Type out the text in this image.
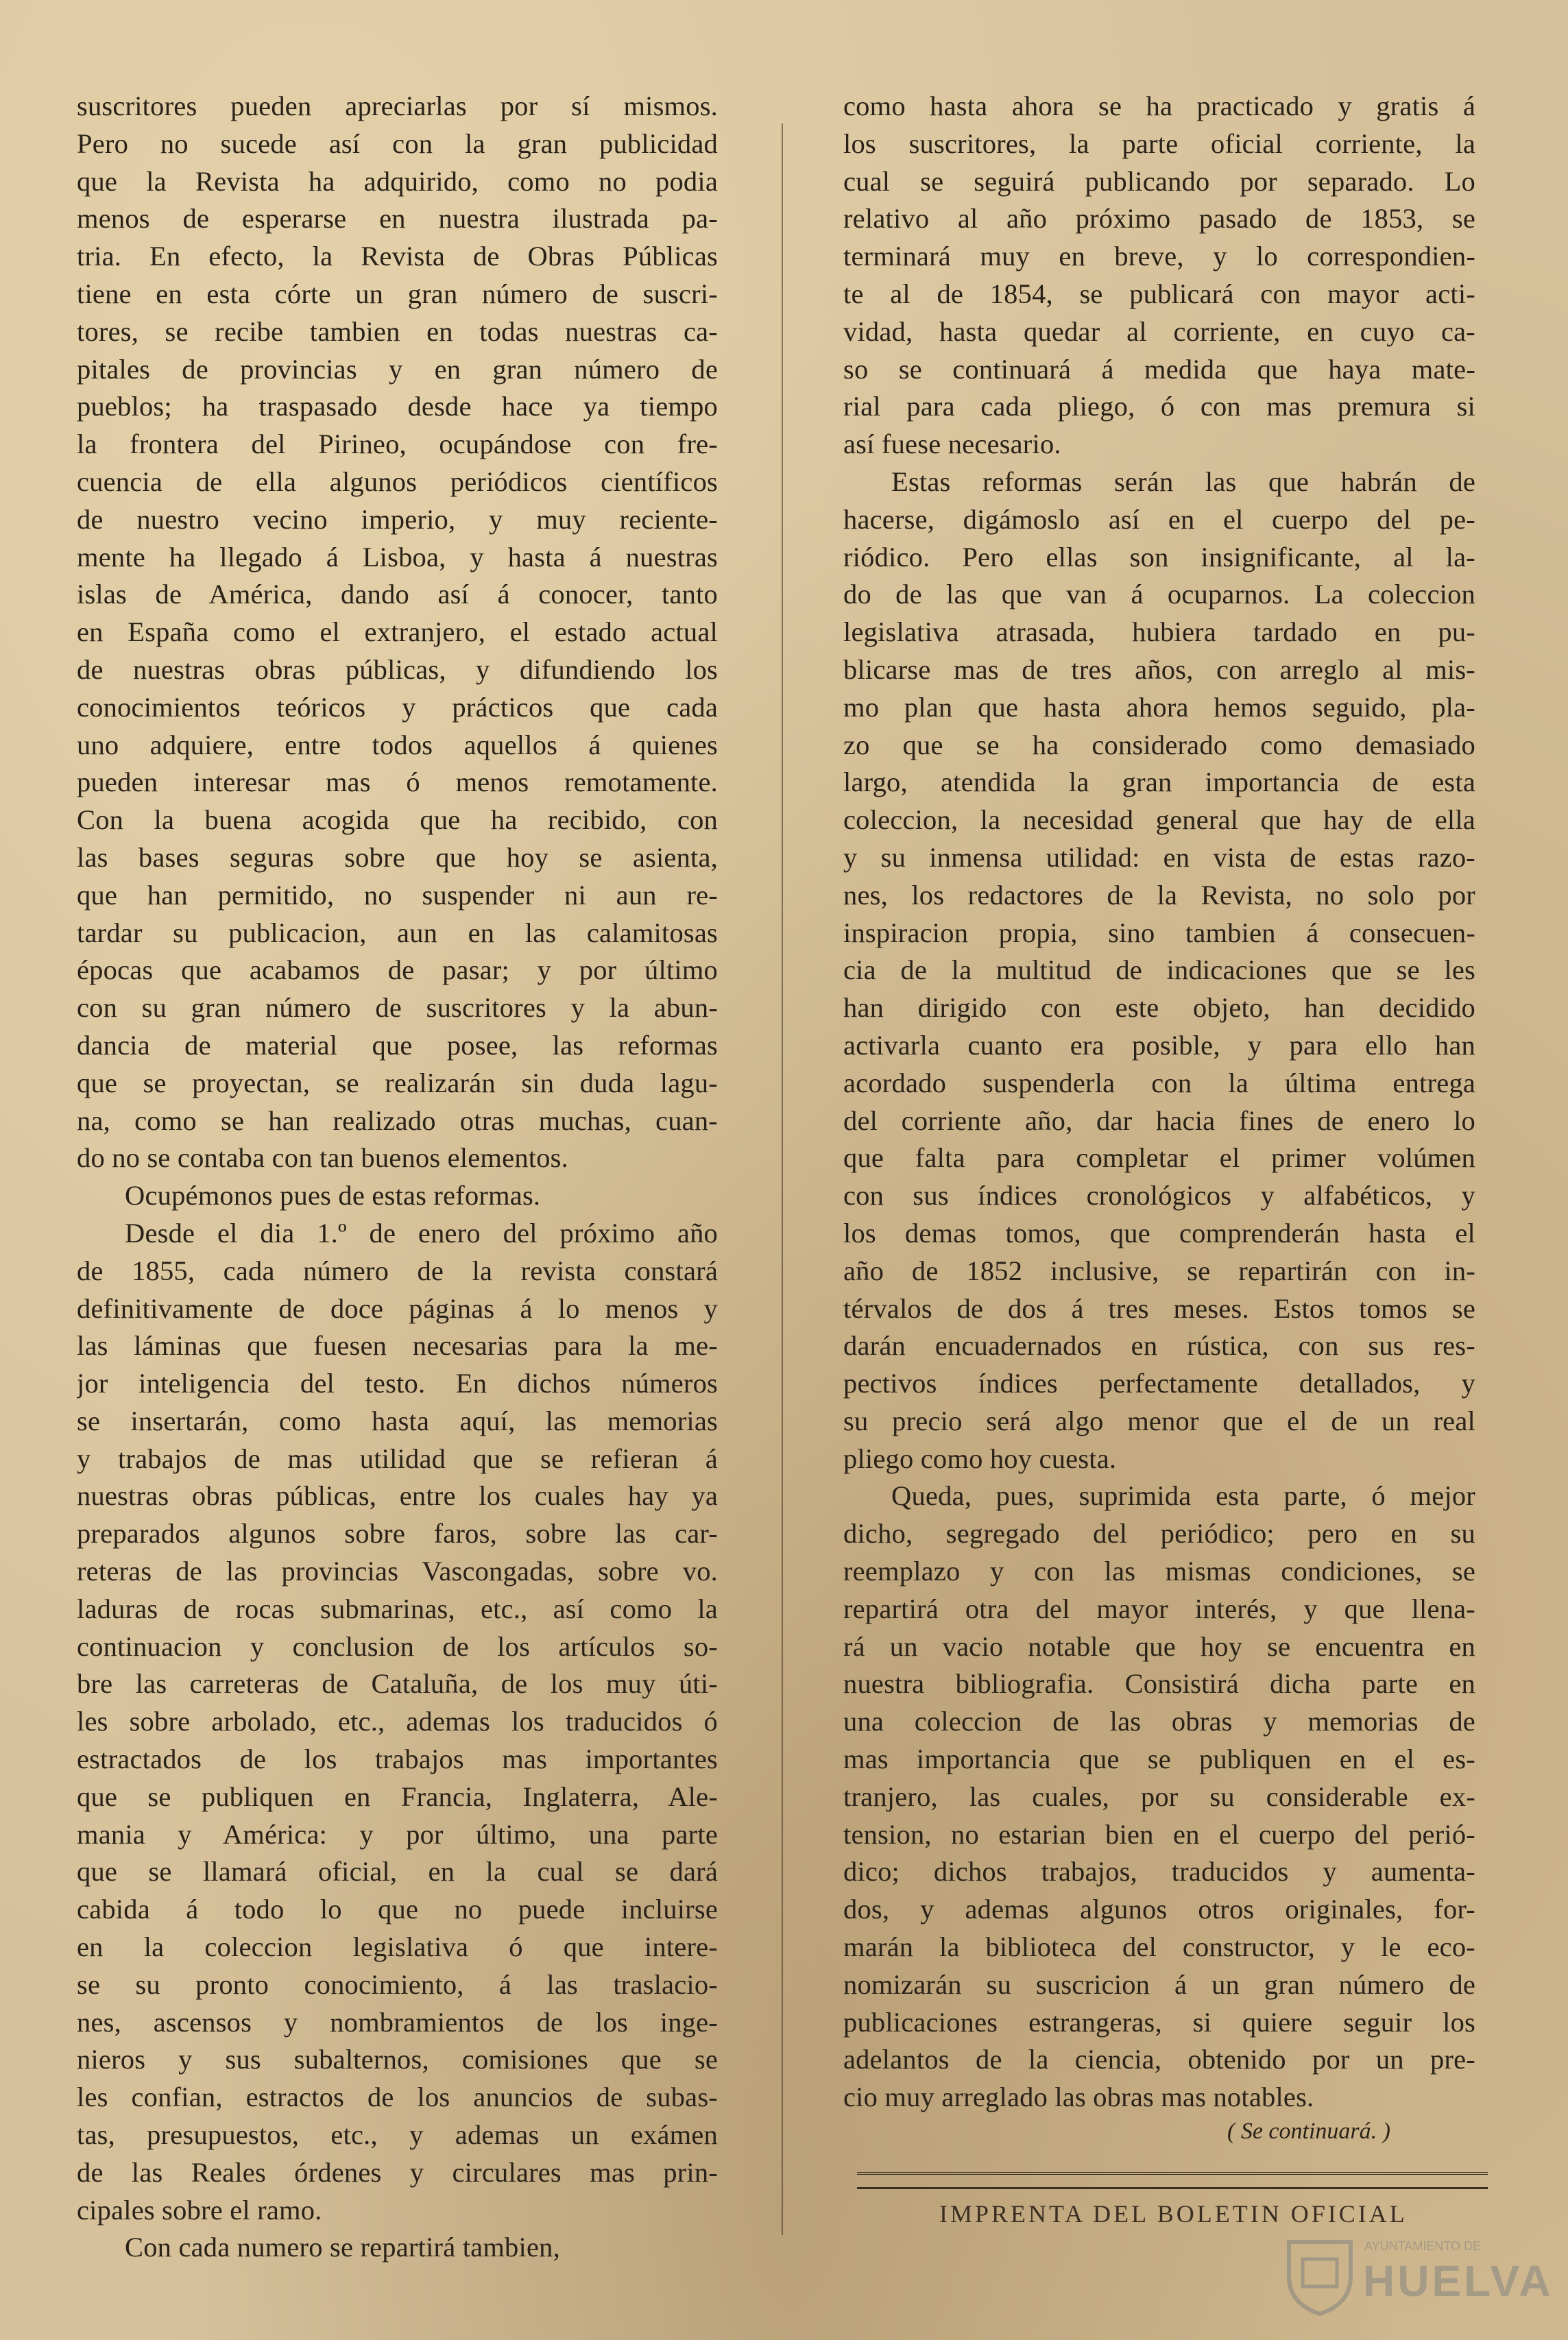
suscritores pueden apreciarlas por sí mismos.

Pero no sucede así con la gran publicidad

que la Revista ha adquirido, como no podia

menos de esperarse en nuestra ilustrada pa-

tria. En efecto, la Revista de Obras Públicas

tiene en esta córte un gran número de suscri-

tores, se recibe tambien en todas nuestras ca-

pitales de provincias y en gran número de

pueblos; ha traspasado desde hace ya tiempo

la frontera del Pirineo, ocupándose con fre-

cuencia de ella algunos periódicos científicos

de nuestro vecino imperio, y muy reciente-

mente ha llegado á Lisboa, y hasta á nuestras

islas de América, dando así á conocer, tanto

en España como el extranjero, el estado actual

de nuestras obras públicas, y difundiendo los

conocimientos teóricos y prácticos que cada

uno adquiere, entre todos aquellos á quienes

pueden interesar mas ó menos remotamente.

Con la buena acogida que ha recibido, con

las bases seguras sobre que hoy se asienta,

que han permitido, no suspender ni aun re-

tardar su publicacion, aun en las calamitosas

épocas que acabamos de pasar; y por último

con su gran número de suscritores y la abun-

dancia de material que posee, las reformas

que se proyectan, se realizarán sin duda lagu-

na, como se han realizado otras muchas, cuan-

do no se contaba con tan buenos elementos.

Ocupémonos pues de estas reformas.

Desde el dia 1.º de enero del próximo año

de 1855, cada número de la revista constará

definitivamente de doce páginas á lo menos y

las láminas que fuesen necesarias para la me-

jor inteligencia del testo. En dichos números

se insertarán, como hasta aquí, las memorias

y trabajos de mas utilidad que se refieran á

nuestras obras públicas, entre los cuales hay ya

preparados algunos sobre faros, sobre las car-

reteras de las provincias Vascongadas, sobre vo.

laduras de rocas submarinas, etc., así como la

continuacion y conclusion de los artículos so-

bre las carreteras de Cataluña, de los muy úti-

les sobre arbolado, etc., ademas los traducidos ó

estractados de los trabajos mas importantes

que se publiquen en Francia, Inglaterra, Ale-

mania y América: y por último, una parte

que se llamará oficial, en la cual se dará

cabida á todo lo que no puede incluirse

en la coleccion legislativa ó que intere-

se su pronto conocimiento, á las traslacio-

nes, ascensos y nombramientos de los inge-

nieros y sus subalternos, comisiones que se

les confian, estractos de los anuncios de subas-

tas, presupuestos, etc., y ademas un exámen

de las Reales órdenes y circulares mas prin-

cipales sobre el ramo.

Con cada numero se repartirá tambien,

como hasta ahora se ha practicado y gratis á

los suscritores, la parte oficial corriente, la

cual se seguirá publicando por separado. Lo

relativo al año próximo pasado de 1853, se

terminará muy en breve, y lo correspondien-

te al de 1854, se publicará con mayor acti-

vidad, hasta quedar al corriente, en cuyo ca-

so se continuará á medida que haya mate-

rial para cada pliego, ó con mas premura si

así fuese necesario.

Estas reformas serán las que habrán de

hacerse, digámoslo así en el cuerpo del pe-

riódico. Pero ellas son insignificante, al la-

do de las que van á ocuparnos. La coleccion

legislativa atrasada, hubiera tardado en pu-

blicarse mas de tres años, con arreglo al mis-

mo plan que hasta ahora hemos seguido, pla-

zo que se ha considerado como demasiado

largo, atendida la gran importancia de esta

coleccion, la necesidad general que hay de ella

y su inmensa utilidad: en vista de estas razo-

nes, los redactores de la Revista, no solo por

inspiracion propia, sino tambien á consecuen-

cia de la multitud de indicaciones que se les

han dirigido con este objeto, han decidido

activarla cuanto era posible, y para ello han

acordado suspenderla con la última entrega

del corriente año, dar hacia fines de enero lo

que falta para completar el primer volúmen

con sus índices cronológicos y alfabéticos, y

los demas tomos, que comprenderán hasta el

año de 1852 inclusive, se repartirán con in-

térvalos de dos á tres meses. Estos tomos se

darán encuadernados en rústica, con sus res-

pectivos índices perfectamente detallados, y

su precio será algo menor que el de un real

pliego como hoy cuesta.

Queda, pues, suprimida esta parte, ó mejor

dicho, segregado del periódico; pero en su

reemplazo y con las mismas condiciones, se

repartirá otra del mayor interés, y que llena-

rá un vacio notable que hoy se encuentra en

nuestra bibliografia. Consistirá dicha parte en

una coleccion de las obras y memorias de

mas importancia que se publiquen en el es-

tranjero, las cuales, por su considerable ex-

tension, no estarian bien en el cuerpo del perió-

dico; dichos trabajos, traducidos y aumenta-

dos, y ademas algunos otros originales, for-

marán la biblioteca del constructor, y le eco-

nomizarán su suscricion á un gran número de

publicaciones estrangeras, si quiere seguir los

adelantos de la ciencia, obtenido por un pre-

cio muy arreglado las obras mas notables.

( Se continuará. )
IMPRENTA DEL BOLETIN OFICIAL
AYUNTAMIENTO DE
HUELVA
